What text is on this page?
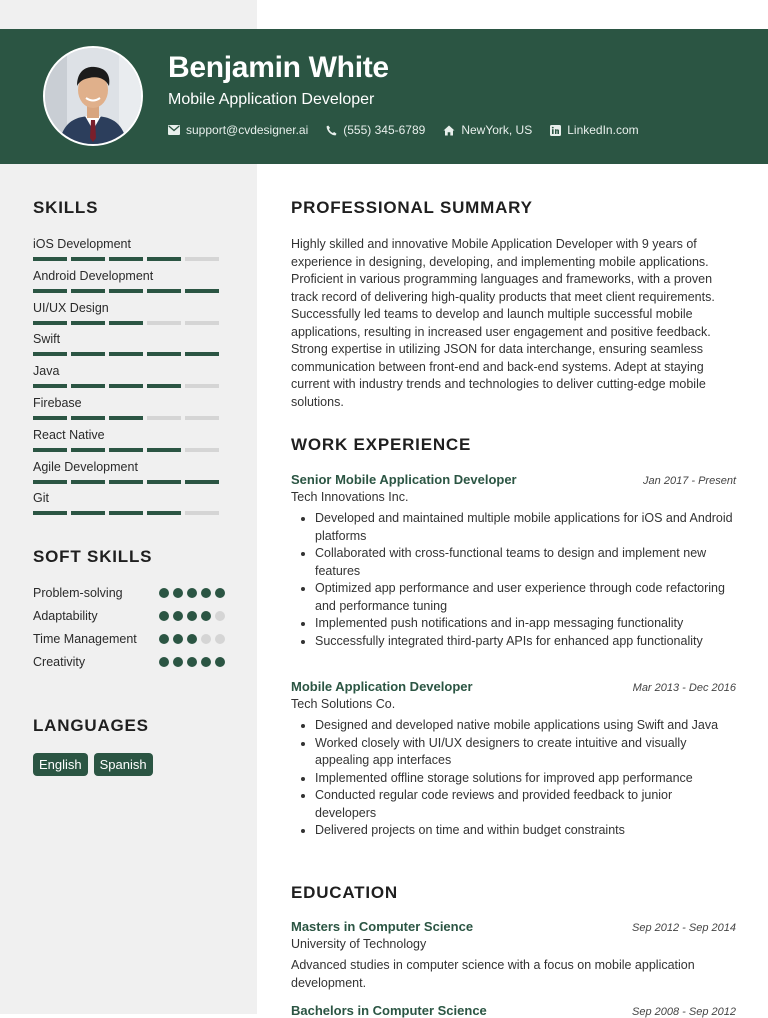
Benjamin White
Mobile Application Developer
support@cvdesigner.ai	(555) 345-6789	NewYork, US	LinkedIn.com
SKILLS
iOS Development
Android Development
UI/UX Design
Swift
Java
Firebase
React Native
Agile Development
Git
SOFT SKILLS
Problem-solving
Adaptability
Time Management
Creativity
LANGUAGES
English	Spanish
PROFESSIONAL SUMMARY
Highly skilled and innovative Mobile Application Developer with 9 years of experience in designing, developing, and implementing mobile applications. Proficient in various programming languages and frameworks, with a proven track record of delivering high-quality products that meet client requirements. Successfully led teams to develop and launch multiple successful mobile applications, resulting in increased user engagement and positive feedback. Strong expertise in utilizing JSON for data interchange, ensuring seamless communication between front-end and back-end systems. Adept at staying current with industry trends and technologies to deliver cutting-edge mobile solutions.
WORK EXPERIENCE
Senior Mobile Application Developer	Jan 2017 - Present
Tech Innovations Inc.
• Developed and maintained multiple mobile applications for iOS and Android platforms
• Collaborated with cross-functional teams to design and implement new features
• Optimized app performance and user experience through code refactoring and performance tuning
• Implemented push notifications and in-app messaging functionality
• Successfully integrated third-party APIs for enhanced app functionality
Mobile Application Developer	Mar 2013 - Dec 2016
Tech Solutions Co.
• Designed and developed native mobile applications using Swift and Java
• Worked closely with UI/UX designers to create intuitive and visually appealing app interfaces
• Implemented offline storage solutions for improved app performance
• Conducted regular code reviews and provided feedback to junior developers
• Delivered projects on time and within budget constraints
EDUCATION
Masters in Computer Science	Sep 2012 - Sep 2014
University of Technology
Advanced studies in computer science with a focus on mobile application development.
Bachelors in Computer Science	Sep 2008 - Sep 2012
